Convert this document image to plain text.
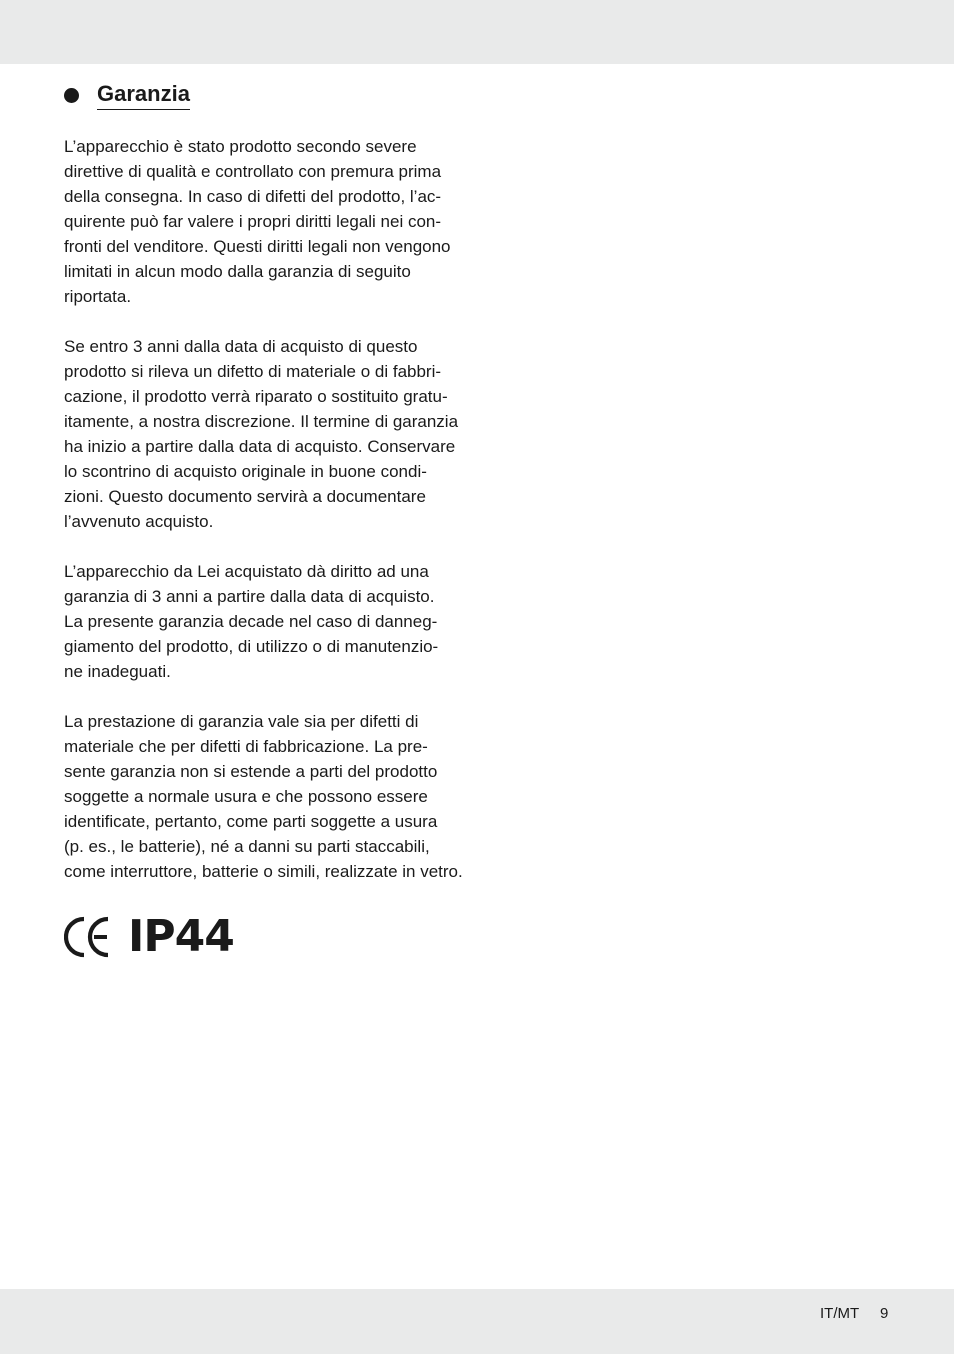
Garanzia

L’apparecchio è stato prodotto secondo severe
direttive di qualità e controllato con premura prima
della consegna. In caso di difetti del prodotto, l’ac-
quirente può far valere i propri diritti legali nei con-
fronti del venditore. Questi diritti legali non vengono
limitati in alcun modo dalla garanzia di seguito
riportata.

Se entro 3 anni dalla data di acquisto di questo
prodotto si rileva un difetto di materiale o di fabbri-
cazione, il prodotto verrà riparato o sostituito gratu-
itamente, a nostra discrezione. Il termine di garanzia
ha inizio a partire dalla data di acquisto. Conservare
lo scontrino di acquisto originale in buone condi-
zioni. Questo documento servirà a documentare
l’avvenuto acquisto.

L’apparecchio da Lei acquistato dà diritto ad una
garanzia di 3 anni a partire dalla data di acquisto.
La presente garanzia decade nel caso di danneg-
giamento del prodotto, di utilizzo o di manutenzio-
ne inadeguati.

La prestazione di garanzia vale sia per difetti di
materiale che per difetti di fabbricazione. La pre-
sente garanzia non si estende a parti del prodotto
soggette a normale usura e che possono essere
identificate, pertanto, come parti soggette a usura
(p. es., le batterie), né a danni su parti staccabili,
come interruttore, batterie o simili, realizzate in vetro.

IP44
IT/MT 9
